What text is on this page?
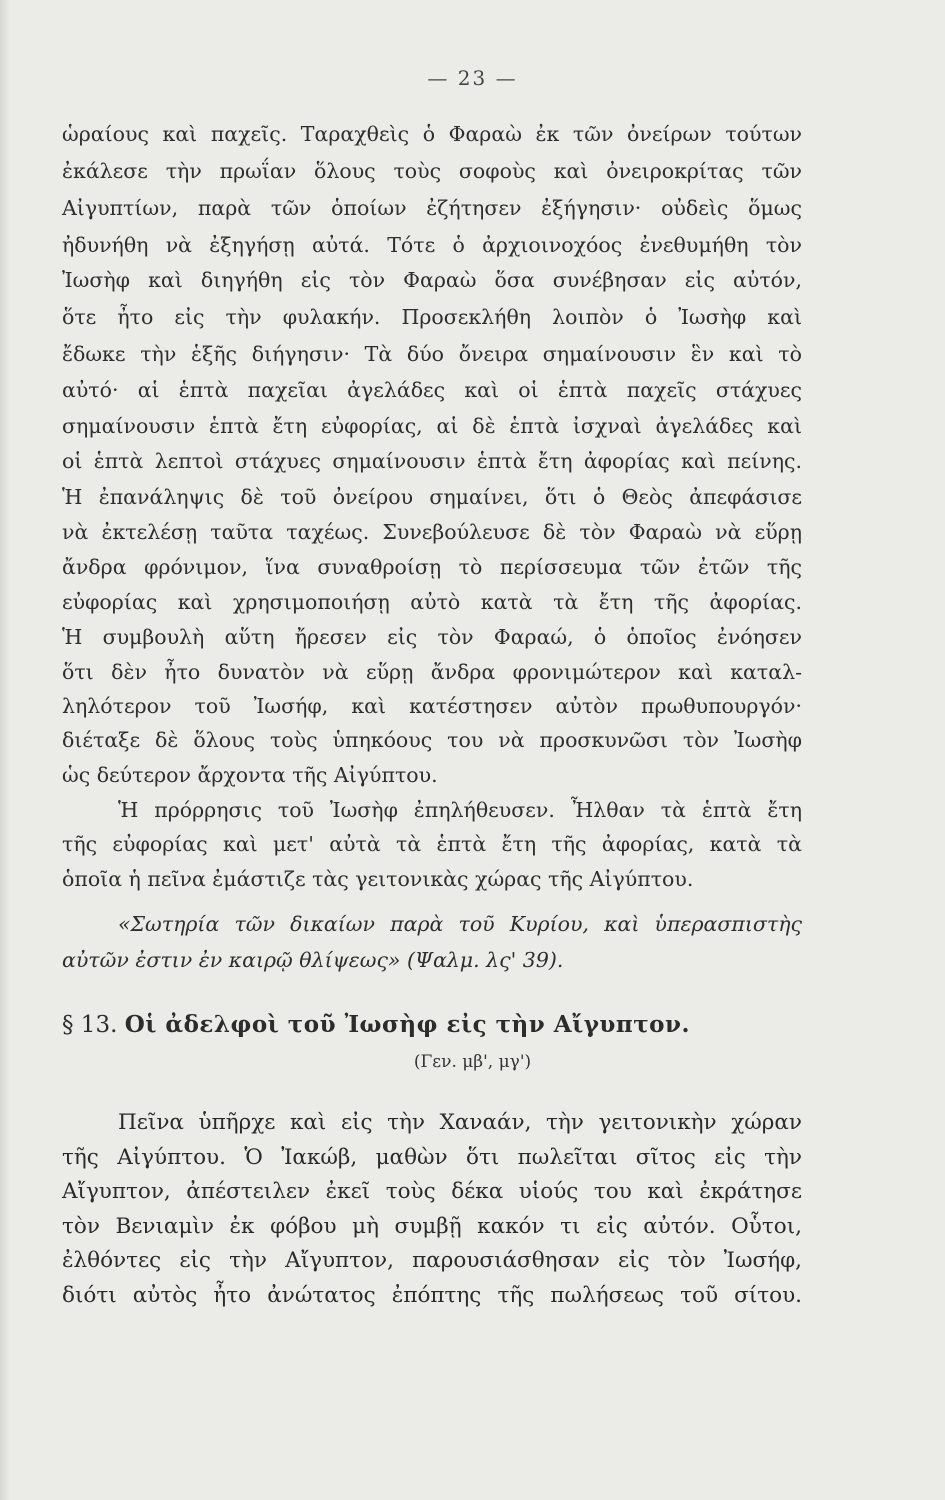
— 23 —
ὡραίους καὶ παχεῖς. Ταραχθεὶς ὁ Φαραὼ ἐκ τῶν ὀνείρων τούτων
ἐκάλεσε τὴν πρωΐαν ὅλους τοὺς σοφοὺς καὶ ὀνειροκρίτας τῶν
Αἰγυπτίων, παρὰ τῶν ὁποίων ἐζήτησεν ἐξήγησιν· οὐδεὶς ὅμως
ἠδυνήθη νὰ ἐξηγήσῃ αὐτά. Τότε ὁ ἀρχιοινοχόος ἐνεθυμήθη τὸν
Ἰωσὴφ καὶ διηγήθη εἰς τὸν Φαραὼ ὅσα συνέβησαν εἰς αὐτόν,
ὅτε ἦτο εἰς τὴν φυλακήν. Προσεκλήθη λοιπὸν ὁ Ἰωσὴφ καὶ
ἔδωκε τὴν ἑξῆς διήγησιν· Τὰ δύο ὄνειρα σημαίνουσιν ἓν καὶ τὸ
αὐτό· αἱ ἑπτὰ παχεῖαι ἀγελάδες καὶ οἱ ἑπτὰ παχεῖς στάχυες
σημαίνουσιν ἑπτὰ ἔτη εὐφορίας, αἱ δὲ ἑπτὰ ἰσχναὶ ἀγελάδες καὶ
οἱ ἑπτὰ λεπτοὶ στάχυες σημαίνουσιν ἑπτὰ ἔτη ἀφορίας καὶ πείνης.
Ἡ ἐπανάληψις δὲ τοῦ ὀνείρου σημαίνει, ὅτι ὁ Θεὸς ἀπεφάσισε
νὰ ἐκτελέσῃ ταῦτα ταχέως. Συνεβούλευσε δὲ τὸν Φαραὼ νὰ εὕρῃ
ἄνδρα φρόνιμον, ἵνα συναθροίσῃ τὸ περίσσευμα τῶν ἐτῶν τῆς
εὐφορίας καὶ χρησιμοποιήσῃ αὐτὸ κατὰ τὰ ἔτη τῆς ἀφορίας.
Ἡ συμβουλὴ αὕτη ἤρεσεν εἰς τὸν Φαραώ, ὁ ὁποῖος ἐνόησεν
ὅτι δὲν ἦτο δυνατὸν νὰ εὕρῃ ἄνδρα φρονιμώτερον καὶ καταλ-
ληλότερον τοῦ Ἰωσήφ, καὶ κατέστησεν αὐτὸν πρωθυπουργόν·
διέταξε δὲ ὅλους τοὺς ὑπηκόους του νὰ προσκυνῶσι τὸν Ἰωσὴφ
ὡς δεύτερον ἄρχοντα τῆς Αἰγύπτου.
Ἡ πρόρρησις τοῦ Ἰωσὴφ ἐπηλήθευσεν. Ἦλθαν τὰ ἑπτὰ ἔτη
τῆς εὐφορίας καὶ μετ' αὐτὰ τὰ ἑπτὰ ἔτη τῆς ἀφορίας, κατὰ τὰ
ὁποῖα ἡ πεῖνα ἐμάστιζε τὰς γειτονικὰς χώρας τῆς Αἰγύπτου.
«Σωτηρία τῶν δικαίων παρὰ τοῦ Κυρίου, καὶ ὑπερασπιστὴς
αὐτῶν ἐστιν ἐν καιρῷ θλίψεως» (Ψαλμ. λς' 39).
§ 13. Οἱ ἀδελφοὶ τοῦ Ἰωσὴφ εἰς τὴν Αἴγυπτον.
(Γεν. μβ', μγ')
Πεῖνα ὑπῆρχε καὶ εἰς τὴν Χαναάν, τὴν γειτονικὴν χώραν
τῆς Αἰγύπτου. Ὁ Ἰακώβ, μαθὼν ὅτι πωλεῖται σῖτος εἰς τὴν
Αἴγυπτον, ἀπέστειλεν ἐκεῖ τοὺς δέκα υἱούς του καὶ ἐκράτησε
τὸν Βενιαμὶν ἐκ φόβου μὴ συμβῇ κακόν τι εἰς αὐτόν. Οὗτοι,
ἐλθόντες εἰς τὴν Αἴγυπτον, παρουσιάσθησαν εἰς τὸν Ἰωσήφ,
διότι αὐτὸς ἦτο ἀνώτατος ἐπόπτης τῆς πωλήσεως τοῦ σίτου.
